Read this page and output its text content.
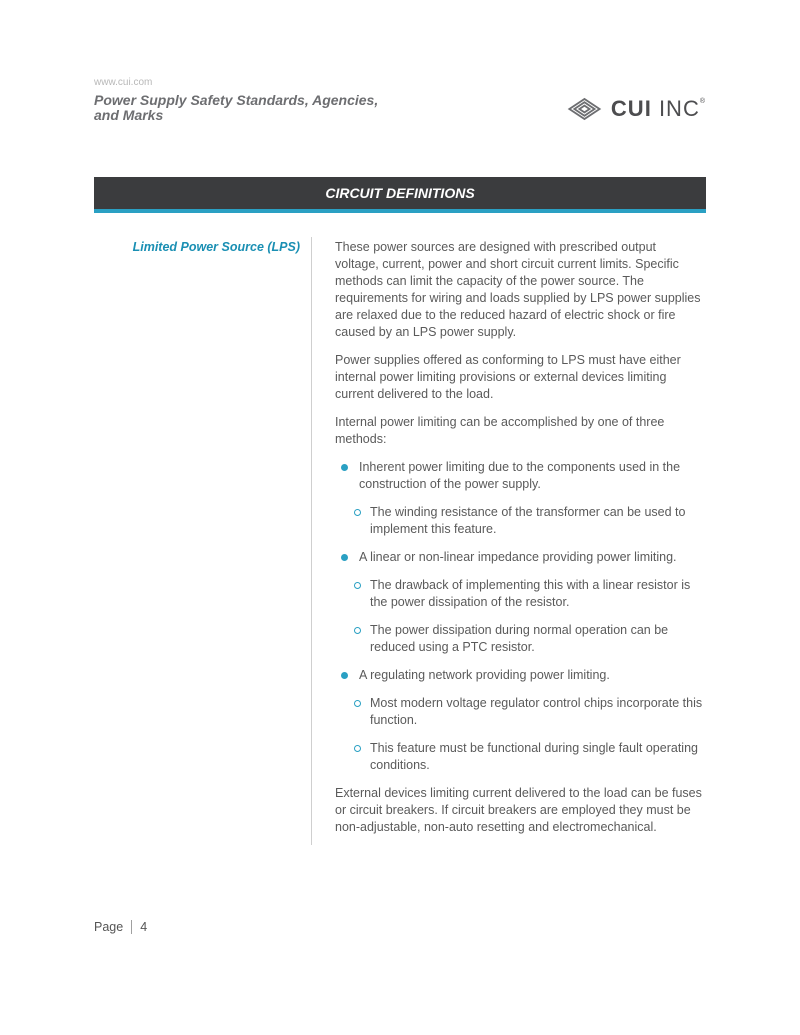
www.cui.com
Power Supply Safety Standards, Agencies, and Marks	CUI INC®
CIRCUIT DEFINITIONS
Limited Power Source (LPS)	These power sources are designed with prescribed output voltage, current, power and short circuit current limits. Specific methods can limit the capacity of the power source. The requirements for wiring and loads supplied by LPS power supplies are relaxed due to the reduced hazard of electric shock or fire caused by an LPS power supply.

Power supplies offered as conforming to LPS must have either internal power limiting provisions or external devices limiting current delivered to the load.

Internal power limiting can be accomplished by one of three methods:

Inherent power limiting due to the components used in the construction of the power supply.
The winding resistance of the transformer can be used to implement this feature.
A linear or non-linear impedance providing power limiting.
The drawback of implementing this with a linear resistor is the power dissipation of the resistor.
The power dissipation during normal operation can be reduced using a PTC resistor.
A regulating network providing power limiting.
Most modern voltage regulator control chips incorporate this function.
This feature must be functional during single fault operating conditions.

External devices limiting current delivered to the load can be fuses or circuit breakers. If circuit breakers are employed they must be non-adjustable, non-auto resetting and electromechanical.

Page 4
